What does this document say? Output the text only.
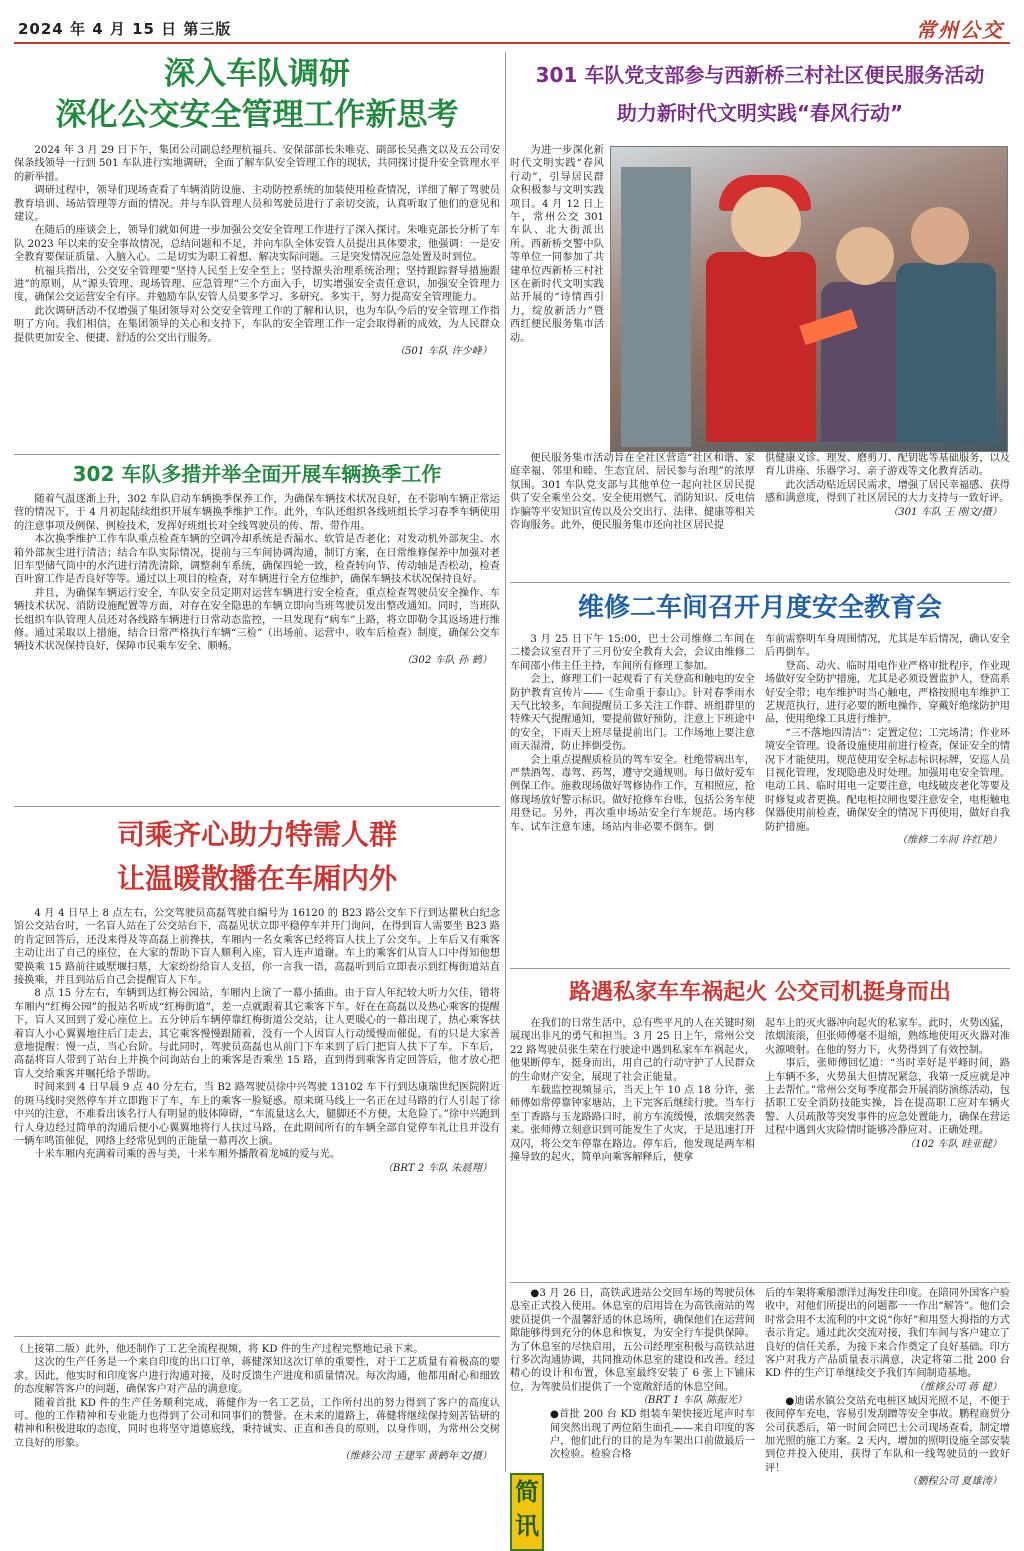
2024 年 4 月 15 日 第三版	常州公交
深入车队调研
深化公交安全管理工作新思考

2024 年 3 月 29 日下午，集团公司副总经理杭福兵、安保部部长朱唯克、副部长吴燕文以及五公司安保条线领导一行到 501 车队进行实地调研，全面了解车队安全管理工作的现状，共同探讨提升安全管理水平的新举措。

调研过程中，领导们现场查看了车辆消防设施、主动防控系统的加装使用检查情况，详细了解了驾驶员教育培训、场站管理等方面的情况。并与车队管理人员和驾驶员进行了亲切交流，认真听取了他们的意见和建议。

在随后的座谈会上，领导们就如何进一步加强公交安全管理工作进行了深入探讨。朱唯克部长分析了车队 2023 年以来的安全事故情况，总结问题和不足，并向车队全体安管人员提出具体要求，他强调：一是安全教育要保证质量、入脑入心。二是切实为职工着想、解决实际问题。三是突发情况应急处置及时到位。

杭福兵指出，公交安全管理要“坚持人民至上安全至上；坚持源头治理系统治理；坚持跟踪督导措施跟进”的原则，从“源头管理、现场管理、应急管理”三个方面入手，切实增强安全责任意识，加强安全管理力度，确保公交运营安全有序。并勉励车队安管人员要多学习、多研究、多实干，努力提高安全管理能力。

此次调研活动不仅增强了集团领导对公交安全管理工作的了解和认识，也为车队今后的安全管理工作指明了方向。我们相信，在集团领导的关心和支持下，车队的安全管理工作一定会取得新的成效，为人民群众提供更加安全、便捷、舒适的公交出行服务。

（501 车队 许少峰）
302 车队多措并举全面开展车辆换季工作

随着气温逐渐上升，302 车队启动车辆换季保养工作，为确保车辆技术状况良好，在不影响车辆正常运营的情况下，于 4 月初起陆续组织开展车辆换季维护工作。此外，车队还组织各线班组长学习春季车辆使用的注意事项及例保、例检技术，发挥好班组长对全线驾驶员的传、帮、带作用。

本次换季维护工作车队重点检查车辆的空调冷却系统是否漏水、软管是否老化；对发动机外部灰尘、水箱外部灰尘进行清洁；结合车队实际情况，提前与三车间协调沟通，制订方案，在日常维修保养中加强对老旧车型储气筒中的水汽进行清洗清除，调整刹车系统，确保四轮一致，检查转向节、传动轴是否松动，检查百叶窗工作是否良好等等。通过以上项目的检查，对车辆进行全方位维护，确保车辆技术状况保持良好。

并且，为确保车辆运行安全，车队安全员定期对运营车辆进行安全检查，重点检查驾驶员安全操作、车辆技术状况、消防设施配置等方面，对存在安全隐患的车辆立即向当班驾驶员发出整改通知。同时，当班队长组织车队管理人员还对各线路车辆进行日常动态监控，一旦发现有“病车”上路，将立即勒令其返场进行维修。通过采取以上措施，结合日常严格执行车辆“三检”（出场前、运营中、收车后检查）制度，确保公交车辆技术状况保持良好，保障市民乘车安全、顺畅。

（302 车队 孙 鹤）
司乘齐心助力特需人群
让温暖散播在车厢内外

4 月 4 日早上 8 点左右，公交驾驶员高磊驾驶自编号为 16120 的 B23 路公交车下行到达瞿秋白纪念馆公交站台时，一名盲人站在了公交站台下，高磊见状立即平稳停车并开门询问，在得到盲人需要坐 B23 路的肯定回答后，还没来得及等高磊上前搀扶，车厢内一名女乘客已经将盲人扶上了公交车。上车后又有乘客主动让出了自己的座位，在大家的帮助下盲人顺利入座，盲人连声道谢。车上的乘客们从盲人口中得知他想要换乘 15 路前往戚墅堰扫墓，大家纷纷给盲人支招，你一言我一语，高磊听到后立即表示到红梅街道站直接换乘，并且到站后自己会提醒盲人下车。

8 点 15 分左右，车辆到达红梅公园站，车厢内上演了一幕小插曲。由于盲人年纪较大听力欠佳，错将车厢内“红梅公园”的报站名听成“红梅街道”，差一点就跟着其它乘客下车。好在在高磊以及热心乘客的提醒下，盲人又回到了爱心座位上。五分钟后车辆停靠红梅街道公交站，让人更暖心的一幕出现了，热心乘客扶着盲人小心翼翼地往后门走去，其它乘客慢慢跟随着，没有一个人因盲人行动缓慢而催促，有的只是大家善意地提醒：慢一点，当心台阶。与此同时，驾驶员高磊也从前门下车来到了后门把盲人扶下了车。下车后，高磊将盲人带到了站台上并换个问询站台上的乘客是否乘坐 15 路，直到得到乘客肯定回答后，他才放心把盲人交给乘客并嘱托给予帮助。

时间来到 4 日早晨 9 点 40 分左右，当 B2 路驾驶员徐中兴驾驶 13102 车下行到达康瑞世纪医院附近的斑马线时突然停车并立即跑下了车，车上的乘客一脸疑惑。原来斑马线上一名正在过马路的行人引起了徐中兴的注意，不难看出该名行人有明显的肢体障碍，“车流量这么大，腿脚还不方便，太危险了。”徐中兴跑到行人身边经过简单的沟通后便小心翼翼地将行人扶过马路，在此期间所有的车辆全部自觉停车礼让且并没有一辆车鸣笛催促，网络上经常见到的正能量一幕再次上演。

十米车厢内充满着司乘的善与美，十米车厢外播散着龙城的爱与光。

（BRT 2 车队 朱晨翔）

（上接第二版）此外，他还制作了工艺全流程视频，将 KD 件的生产过程完整地记录下来。

这次的生产任务是一个来自印度的出口订单，蒋健深知这次订单的重要性，对于工艺质量有着极高的要求。因此，他实时和印度客户进行沟通对接，及时反馈生产进度和质量情况。每次沟通，他都用耐心和细致的态度解答客户的问题，确保客户对产品的满意度。

随着首批 KD 件的生产任务顺利完成，蒋健作为一名工艺员，工作所付出的努力得到了客户的高度认可。他的工作精神和专业能力也得到了公司和同事们的赞誉。在未来的道路上，蒋健将继续保持刻苦钻研的精神和积极进取的态度，同时也将坚守道德底线，秉持诚实、正直和善良的原则，以身作则，为常州公交树立良好的形象。

（维修公司 王建军 黄鹤年文/摄）
301 车队党支部参与西新桥三村社区便民服务活动
助力新时代文明实践“春风行动”

为进一步深化新时代文明实践“春风行动”，引导居民群众积极参与文明实践项目。4 月 12 日上午，常州公交 301 车队、北大街派出所、西新桥交警中队等单位一同参加了共建单位西新桥三村社区在新时代文明实践站开展的“诗情西引力，绽放新活力”暨西红便民服务集市活动。

便民服务集市活动旨在全社区营造“社区和谐、家庭幸福、邻里和睦、生态宜居、居民参与治理”的浓厚氛围。301 车队党支部与其他单位一起向社区居民提供了安全乘坐公交、安全使用燃气、消防知识、反电信诈骗等平安知识宣传以及公交出行、法律、健康等相关咨询服务。此外，便民服务集市还向社区居民提

供健康义诊、理发、磨剪刀、配钥匙等基础服务，以及育儿讲座、乐器学习、亲子游戏等文化教育活动。

此次活动贴近居民需求，增强了居民幸福感、获得感和满意度，得到了社区居民的大力支持与一致好评。

（301 车队 王 刚文/摄）
维修二车间召开月度安全教育会

3 月 25 日下午 15:00，巴士公司维修二车间在二楼会议室召开了三月份安全教育大会，会议由维修二车间邵小伟主任主持，车间所有修理工参加。

会上，修理工们一起观看了有关登高和触电的安全防护教育宣传片——《生命重于泰山》。针对春季雨水天气比较多，车间提醒员工多关注工作群、班组群里的特殊天气提醒通知，要提前做好预防，注意上下班途中的安全，下雨天上班尽量提前出门。工作场地上要注意雨天湿滑，防止摔倒受伤。

会上重点提醒质检员的驾车安全。杜绝带病出车，严禁酒驾、毒驾、药驾，遵守交通规则。每日做好爱车例保工作。施救现场做好驾修协作工作，互相照应，抢修现场放好警示标识。做好抢修车台账，包括公务车使用登记。另外，再次重申场站安全行车规范。场内移车、试车注意车速，场站内非必要不倒车。倒

车前需察明车身周围情况，尤其是车后情况，确认安全后再倒车。

登高、动火、临时用电作业严格审批程序，作业现场做好安全防护措施，尤其是必须设置监护人，登高系好安全带；电车维护时当心触电，严格按照电车维护工艺规范执行，进行必要的断电操作，穿戴好绝缘防护用品，使用绝缘工具进行维护。

“三不落地四清洁”：定置定位；工完场清；作业环境安全管理。设备设施使用前进行检查，保证安全的情况下才能使用，规范使用安全标志标识标牌，安巡人员目视化管理，发现隐患及时处理。加强用电安全管理。电动工具、临时用电一定要注意，电线破皮老化等要及时修复或者更换。配电柜拉闸也要注意安全，电柜触电保器使用前检查，确保安全的情况下再使用，做好自我防护措施。

（维修二车间 许红艳）
路遇私家车车祸起火 公交司机挺身而出

在我们的日常生活中，总有些平凡的人在关键时刻展现出非凡的勇气和担当。3 月 25 日上午，常州公交 22 路驾驶员张生荣在行驶途中遇到私家车车祸起火，他果断停车，挺身而出，用自己的行动守护了人民群众的生命财产安全，展现了社会正能量。

车载监控视频显示，当天上午 10 点 18 分许，张师傅如常停靠钟家塘站，上下完客后继续行驶。当车行至丁香路与玉龙路路口时，前方车流缓慢，浓烟突然袭来。张师傅立刻意识到可能发生了火灾，于是迅速打开双闪，将公交车停靠在路边。停车后，他发现是两车相撞导致的起火，简单向乘客解释后，便拿

起车上的灭火器冲向起火的私家车。此时，火势凶猛，浓烟滚滚，但张师傅毫不退缩，熟练地使用灭火器对准火源喷射。在他的努力下，火势得到了有效控制。

事后，张师傅回忆道：“当时幸好是平峰时间，路上车辆不多，火势虽大但情况紧急，我第一反应就是冲上去帮忙。”常州公交每季度都会开展消防演练活动，包括职工安全消防技能实操，旨在提高职工应对车辆火警、人员疏散等突发事件的应急处置能力，确保在营运过程中遇到火灾险情时能够冷静应对、正确处理。

（102 车队 眭亚健）

●3 月 26 日，高铁武进站公交回车场的驾驶员休息室正式投入使用。休息室的启用旨在为高铁南站的驾驶员提供一个温馨舒适的休息场所，确保他们在运营间隙能够得到充分的休息和恢复，为安全行车提供保障。为了休息室的尽快启用，五公司经理室积极与高铁站进行多次沟通协调，共同推动休息室的建设和改善。经过精心的设计和布置，休息室最终安装了 6 张上下铺床位，为驾驶员们提供了一个宽敞舒适的休息空间。

（BRT 1 车队 陈振光）
简讯

●首批 200 台 KD 组装车架快接近尾声时车间突然出现了两位陌生面孔——来自印度的客户，他们此行的目的是为车架出口前做最后一次检验。检验合格

后的车架将乘船漂洋过海发往印度。在陪同外国客户验收中，对他们所提出的问题都一一作出“解答”。他们会时常会用不太流利的中文说“你好”和用竖大拇指的方式表示肯定。通过此次交流对接，我们车间与客户建立了良好的信任关系，为接下来合作奠定了良好基础。印方客户对我方产品质量表示满意，决定将第二批 200 台 KD 件的生产订单继续交予我们车间制造基地。

（维修公司 蒋 健）

●迪诺水镇公交站充电桩区域因光照不足，不便于夜间停车充电，容易引发刮蹭等安全事故。鹏程商贸分公司获悉后，第一时间会同巴士公司现场查看，制定增加光照的施工方案。2 天内，增加的照明设施全部安装到位并投入使用，获得了车队和一线驾驶员的一致好评！

（鹏程公司 夏雄涛）
